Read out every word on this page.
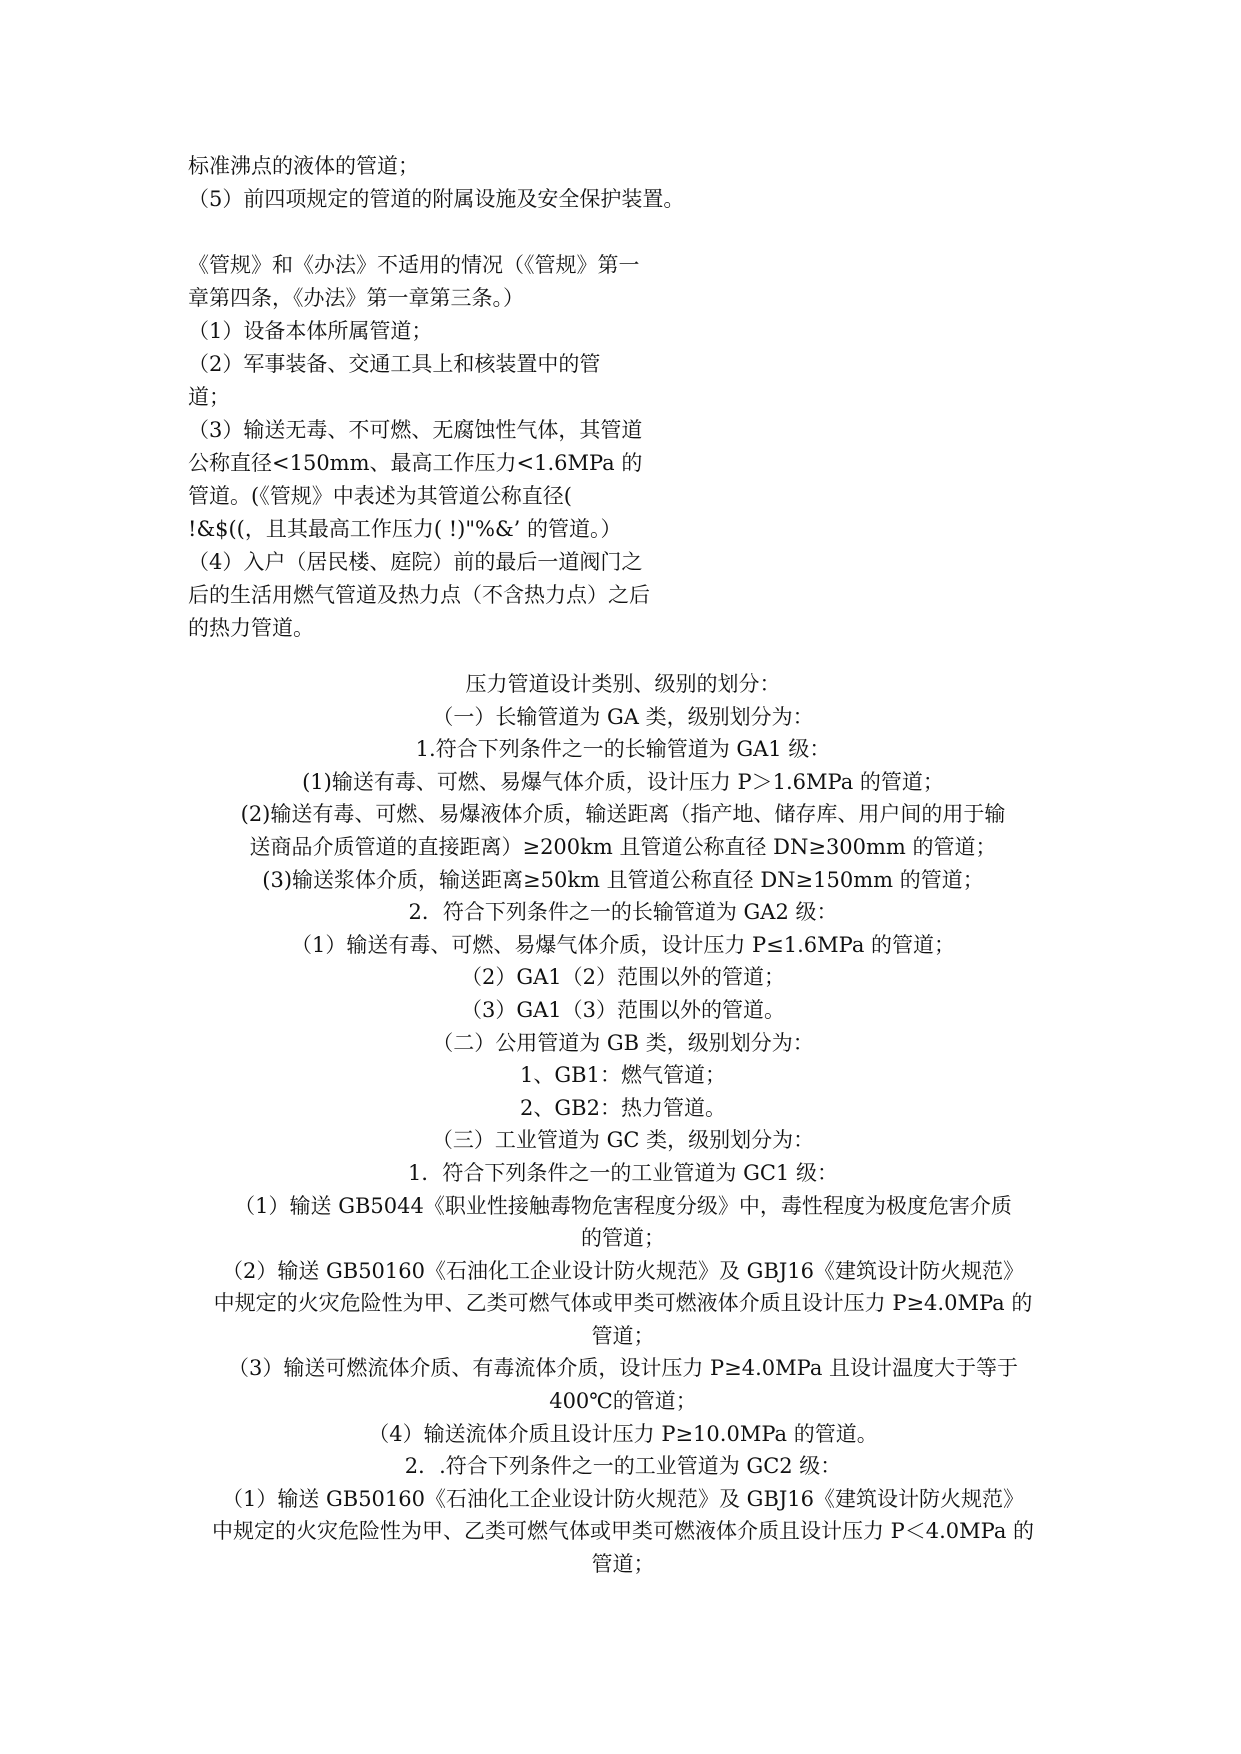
标准沸点的液体的管道；
（5）前四项规定的管道的附属设施及安全保护装置。
《管规》和《办法》不适用的情况（《管规》第一
章第四条，《办法》第一章第三条。）
（1）设备本体所属管道；
（2）军事装备、交通工具上和核装置中的管
道；
（3）输送无毒、不可燃、无腐蚀性气体，其管道
公称直径<150mm、最高工作压力<1.6MPa 的
管道。(《管规》中表述为其管道公称直径(
!&$((，且其最高工作压力( !)"%&’ 的管道。）
（4）入户（居民楼、庭院）前的最后一道阀门之
后的生活用燃气管道及热力点（不含热力点）之后
的热力管道。
压力管道设计类别、级别的划分：
（一）长输管道为 GA 类，级别划分为：
1.符合下列条件之一的长输管道为 GA1 级：
(1)输送有毒、可燃、易爆气体介质，设计压力 P＞1.6MPa 的管道；
(2)输送有毒、可燃、易爆液体介质，输送距离（指产地、储存库、用户间的用于输
送商品介质管道的直接距离）≥200km 且管道公称直径 DN≥300mm 的管道；
(3)输送浆体介质，输送距离≥50km 且管道公称直径 DN≥150mm 的管道；
2．符合下列条件之一的长输管道为 GA2 级：
（1）输送有毒、可燃、易爆气体介质，设计压力 P≤1.6MPa 的管道；
（2）GA1（2）范围以外的管道；
（3）GA1（3）范围以外的管道。
（二）公用管道为 GB 类，级别划分为：
1、GB1：燃气管道；
2、GB2：热力管道。
（三）工业管道为 GC 类，级别划分为：
1．符合下列条件之一的工业管道为 GC1 级：
（1）输送 GB5044《职业性接触毒物危害程度分级》中，毒性程度为极度危害介质
的管道；
（2）输送 GB50160《石油化工企业设计防火规范》及 GBJ16《建筑设计防火规范》
中规定的火灾危险性为甲、乙类可燃气体或甲类可燃液体介质且设计压力 P≥4.0MPa 的
管道；
（3）输送可燃流体介质、有毒流体介质，设计压力 P≥4.0MPa 且设计温度大于等于
400℃的管道；
（4）输送流体介质且设计压力 P≥10.0MPa 的管道。
2．.符合下列条件之一的工业管道为 GC2 级：
（1）输送 GB50160《石油化工企业设计防火规范》及 GBJ16《建筑设计防火规范》
中规定的火灾危险性为甲、乙类可燃气体或甲类可燃液体介质且设计压力 P＜4.0MPa 的
管道；
